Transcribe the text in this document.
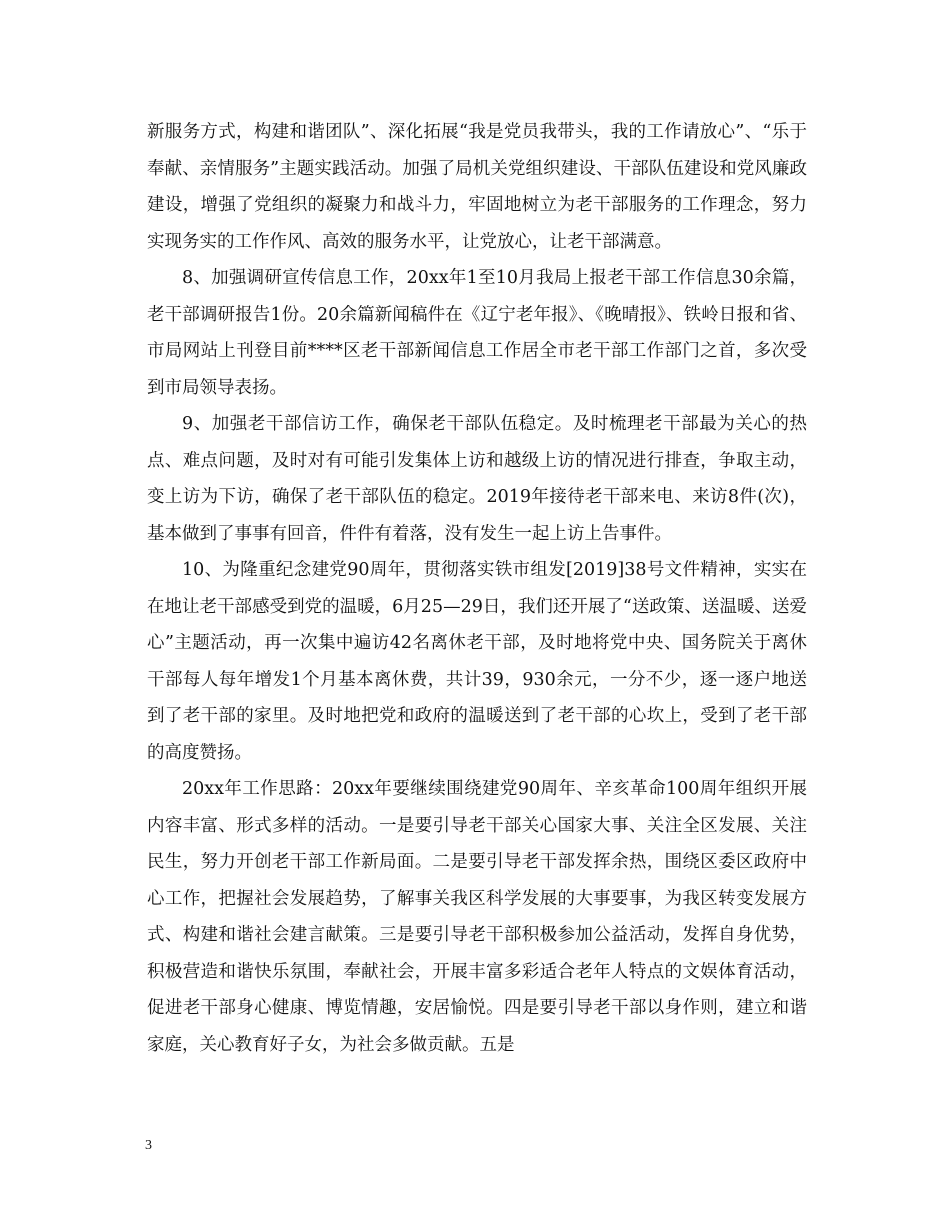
新服务方式，构建和谐团队”、深化拓展“我是党员我带头，我的工作请放心”、“乐于奉献、亲情服务”主题实践活动。加强了局机关党组织建设、干部队伍建设和党风廉政建设，增强了党组织的凝聚力和战斗力，牢固地树立为老干部服务的工作理念，努力实现务实的工作作风、高效的服务水平，让党放心，让老干部满意。

8、加强调研宣传信息工作，20xx年1至10月我局上报老干部工作信息30余篇，老干部调研报告1份。20余篇新闻稿件在《辽宁老年报》、《晚晴报》、铁岭日报和省、市局网站上刊登目前****区老干部新闻信息工作居全市老干部工作部门之首，多次受到市局领导表扬。

9、加强老干部信访工作，确保老干部队伍稳定。及时梳理老干部最为关心的热点、难点问题，及时对有可能引发集体上访和越级上访的情况进行排查，争取主动，变上访为下访，确保了老干部队伍的稳定。2019年接待老干部来电、来访8件(次)，基本做到了事事有回音，件件有着落，没有发生一起上访上告事件。

10、为隆重纪念建党90周年，贯彻落实铁市组发[2019]38号文件精神，实实在在地让老干部感受到党的温暖，6月25—29日，我们还开展了“送政策、送温暖、送爱心”主题活动，再一次集中遍访42名离休老干部，及时地将党中央、国务院关于离休干部每人每年增发1个月基本离休费，共计39，930余元，一分不少，逐一逐户地送到了老干部的家里。及时地把党和政府的温暖送到了老干部的心坎上，受到了老干部的高度赞扬。

20xx年工作思路：20xx年要继续围绕建党90周年、辛亥革命100周年组织开展内容丰富、形式多样的活动。一是要引导老干部关心国家大事、关注全区发展、关注民生，努力开创老干部工作新局面。二是要引导老干部发挥余热，围绕区委区政府中心工作，把握社会发展趋势，了解事关我区科学发展的大事要事，为我区转变发展方式、构建和谐社会建言献策。三是要引导老干部积极参加公益活动，发挥自身优势，积极营造和谐快乐氛围，奉献社会，开展丰富多彩适合老年人特点的文娱体育活动，促进老干部身心健康、博览情趣，安居愉悦。四是要引导老干部以身作则，建立和谐家庭，关心教育好子女，为社会多做贡献。五是

3
